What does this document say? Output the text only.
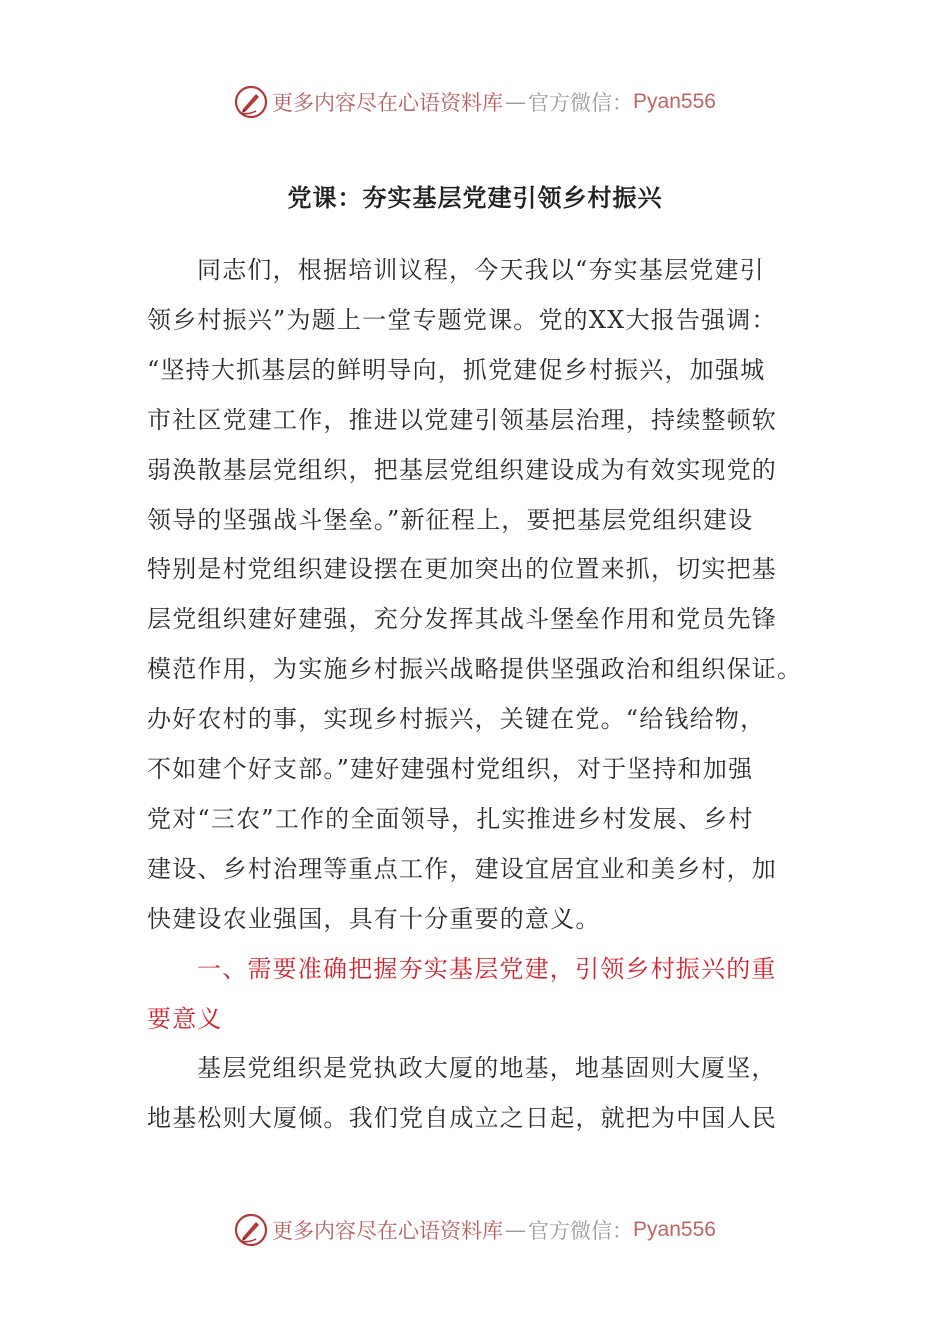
更多内容尽在心语资料库 — 官方微信： Pyan556
党课：夯实基层党建引领乡村振兴
同志们，根据培训议程，今天我以“夯实基层党建引
领乡村振兴”为题上一堂专题党课。党的XX大报告强调：
“坚持大抓基层的鲜明导向，抓党建促乡村振兴，加强城
市社区党建工作，推进以党建引领基层治理，持续整顿软
弱涣散基层党组织，把基层党组织建设成为有效实现党的
领导的坚强战斗堡垒。”新征程上，要把基层党组织建设
特别是村党组织建设摆在更加突出的位置来抓，切实把基
层党组织建好建强，充分发挥其战斗堡垒作用和党员先锋
模范作用，为实施乡村振兴战略提供坚强政治和组织保证。
办好农村的事，实现乡村振兴，关键在党。“给钱给物，
不如建个好支部。”建好建强村党组织，对于坚持和加强
党对“三农”工作的全面领导，扎实推进乡村发展、乡村
建设、乡村治理等重点工作，建设宜居宜业和美乡村，加
快建设农业强国，具有十分重要的意义。
一、需要准确把握夯实基层党建，引领乡村振兴的重
要意义
基层党组织是党执政大厦的地基，地基固则大厦坚，
地基松则大厦倾。我们党自成立之日起，就把为中国人民
更多内容尽在心语资料库 — 官方微信： Pyan556
